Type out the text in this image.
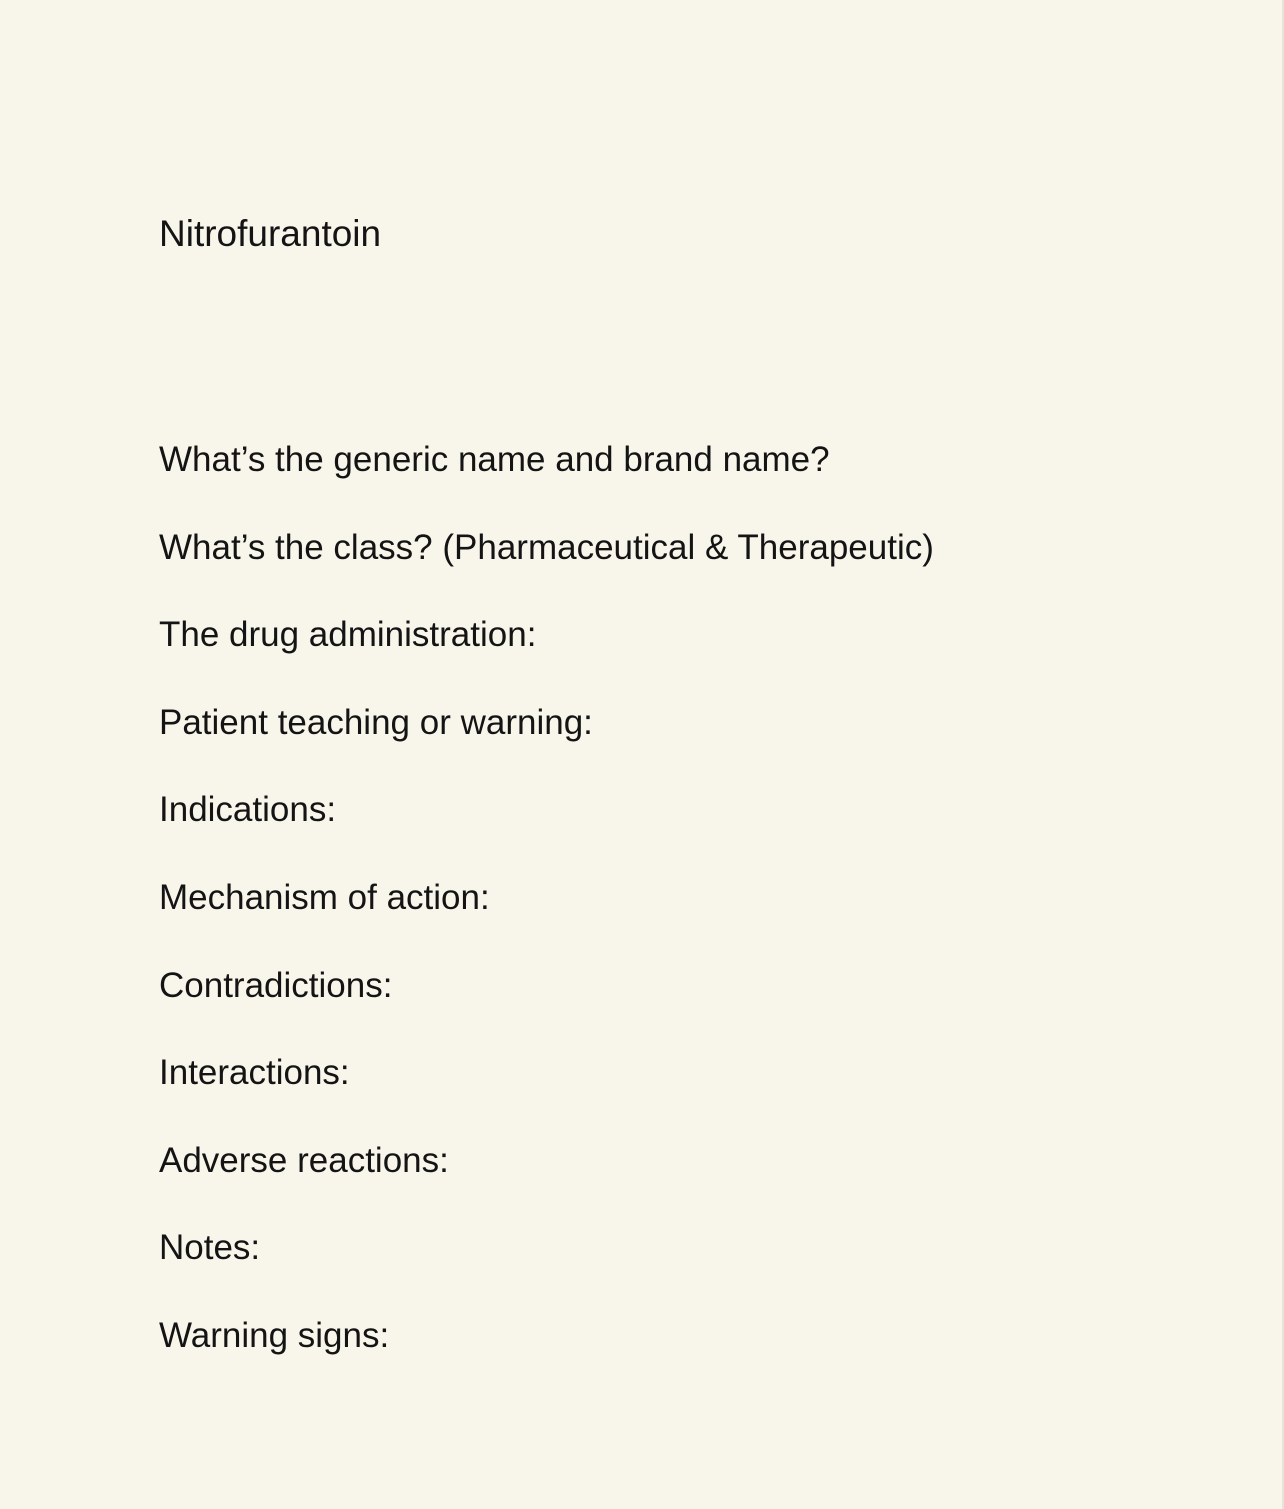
Nitrofurantoin
What’s the generic name and brand name?
What’s the class? (Pharmaceutical & Therapeutic)
The drug administration:
Patient teaching or warning:
Indications:
Mechanism of action:
Contradictions:
Interactions:
Adverse reactions:
Notes:
Warning signs:
